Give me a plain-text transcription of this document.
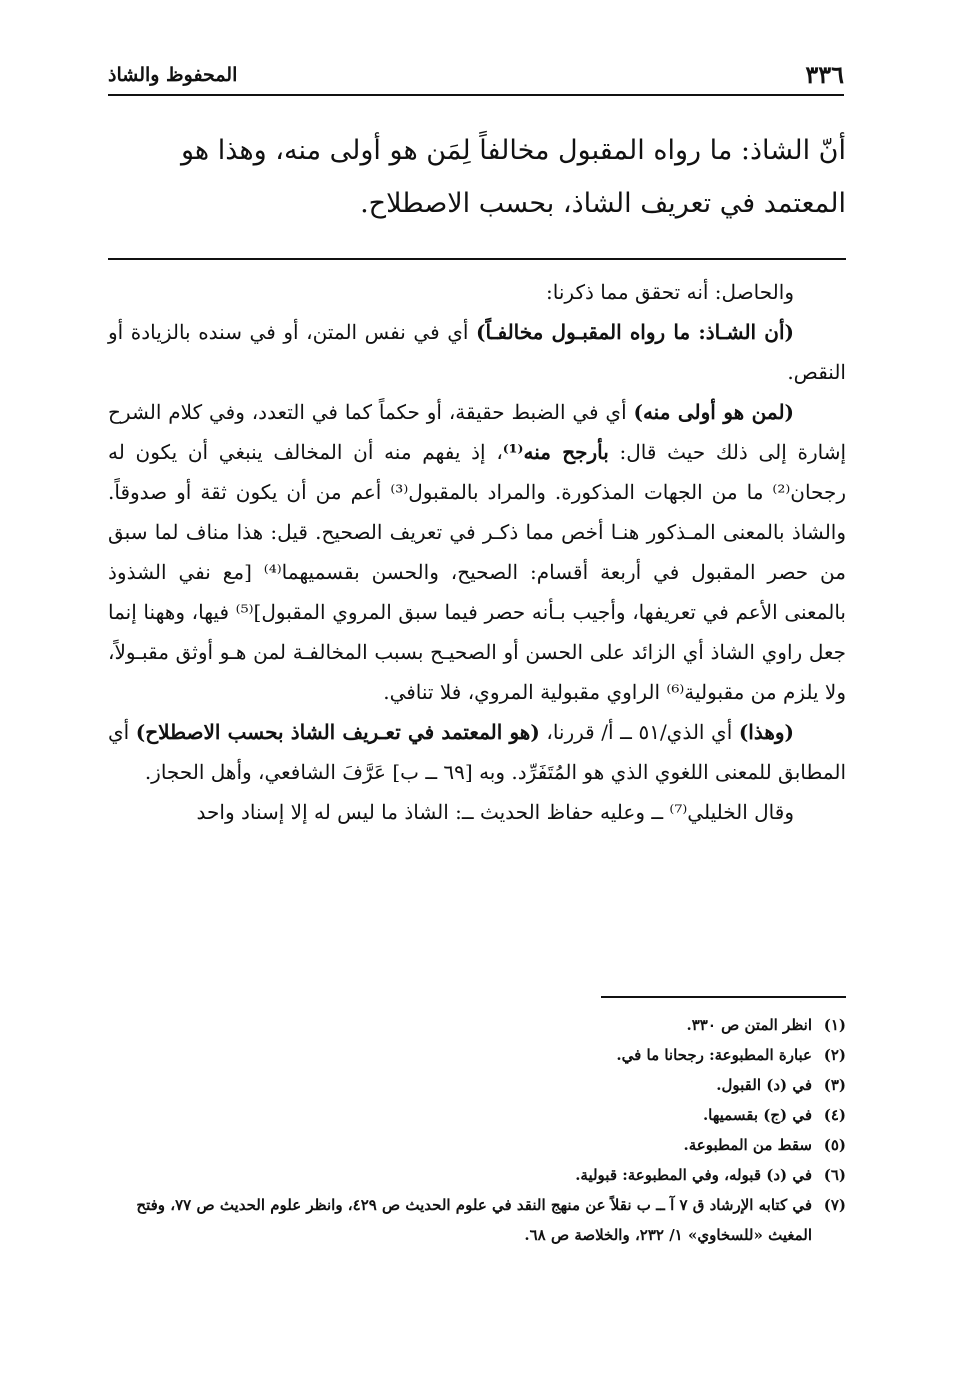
المحفوظ والشاذ	٣٣٦

أنّ الشاذ: ما رواه المقبول مخالفاً لِمَن هو أولى منه، وهذا هو

المعتمد في تعريف الشاذ، بحسب الاصطلاح.

والحاصل: أنه تحقق مما ذكرنا:

(أن الشـاذ: ما رواه المقبـول مخالفـاً) أي في نفس المتن، أو في سنده بالزيادة أو النقص.

(لمن هو أولى منه) أي في الضبط حقيقة، أو حكماً كما في التعدد، وفي كلام الشرح إشارة إلى ذلك حيث قال: بأرجح منه⁽¹⁾، إذ يفهم منه أن المخالف ينبغي أن يكون له رجحان⁽²⁾ ما من الجهات المذكورة. والمراد بالمقبول⁽³⁾ أعم من أن يكون ثقة أو صدوقاً. والشاذ بالمعنى المـذكور هنـا أخص مما ذكـر في تعريف الصحيح. قيل: هذا مناف لما سبق من حصر المقبول في أربعة أقسام: الصحيح، والحسن بقسميهما⁽⁴⁾ [مع نفي الشذوذ بالمعنى الأعم في تعريفها، وأجيب بـأنه حصر فيما سبق المروي المقبول]⁽⁵⁾ فيها، وههنا إنما جعل راوي الشاذ أي الزائد على الحسن أو الصحيـح بسبب المخالفـة لمن هـو أوثق مقبـولاً، ولا يلزم من مقبولية⁽⁶⁾ الراوي مقبولية المروي، فلا تنافي.

(وهذا) أي الذي/٥١ ــ أ/ قررنا، (هو المعتمد في تعـريف الشاذ بحسب الاصطلاح) أي المطابق للمعنى اللغوي الذي هو المُتَفَرِّد. وبه [٦٩ ــ ب] عَرَّفَ الشافعي، وأهل الحجاز.

وقال الخليلي⁽⁷⁾ ــ وعليه حفاظ الحديث ــ: الشاذ ما ليس له إلا إسناد واحد

(١)
انظر المتن ص ٣٣٠.

(٢)
عبارة المطبوعة: رجحانا ما في.

(٣)
في (د) القبول.

(٤)
في (ج) بقسميها.

(٥)
سقط من المطبوعة.

(٦)
في (د) قبوله، وفي المطبوعة: قبولية.

(٧)
في كتابه الإرشاد ق ٧ آ ــ ب نقلاً عن منهج النقد في علوم الحديث ص ٤٢٩، وانظر علوم الحديث ص ٧٧، وفتح المغيث «للسخاوي» ١/ ٢٣٢، والخلاصة ص ٦٨.
